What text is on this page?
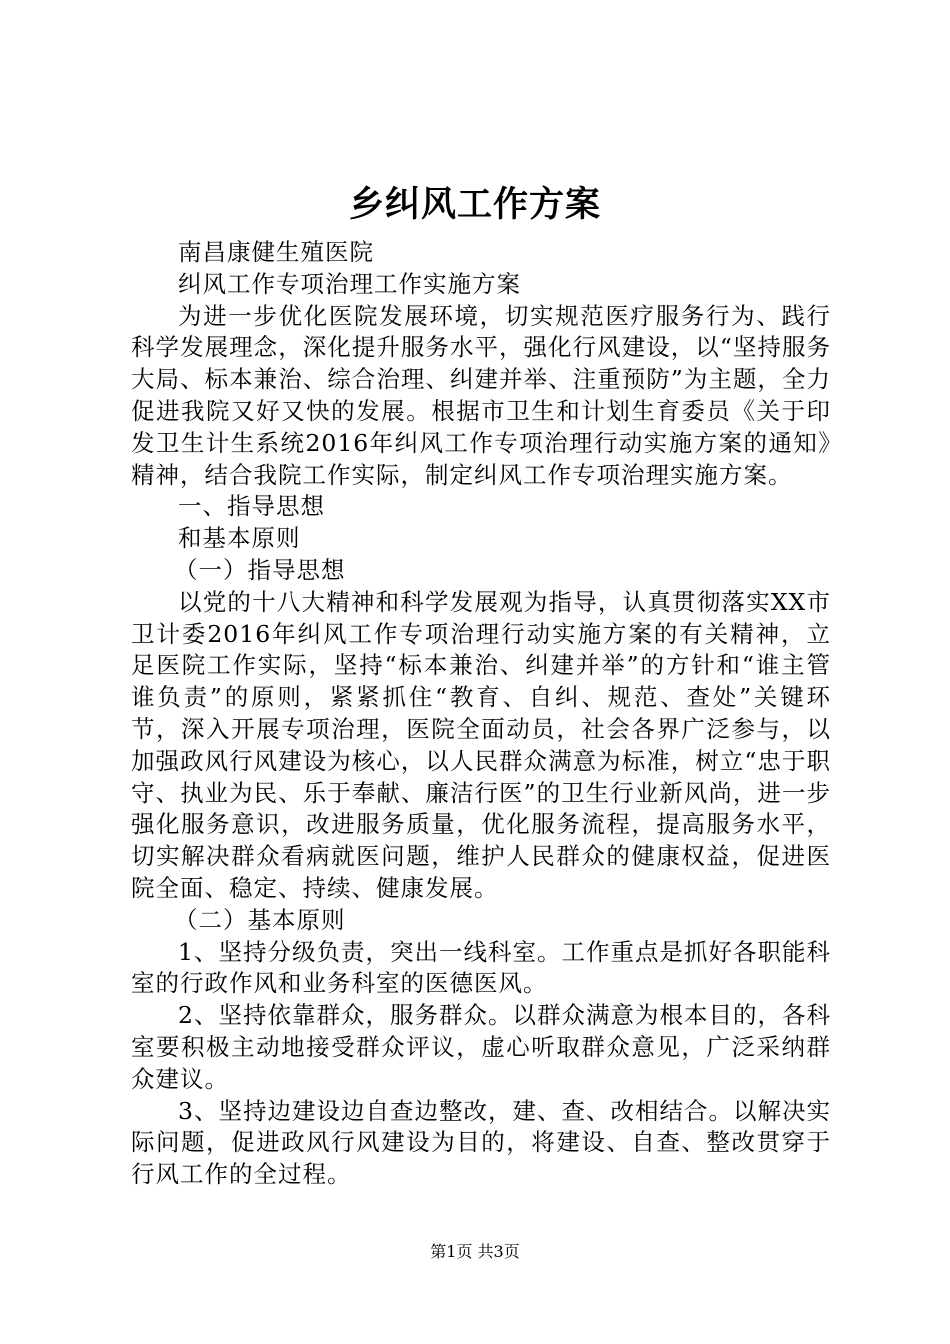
乡纠风工作方案

南昌康健生殖医院

纠风工作专项治理工作实施方案

为进一步优化医院发展环境，切实规范医疗服务行为、践行科学发展理念，深化提升服务水平，强化行风建设，以“坚持服务大局、标本兼治、综合治理、纠建并举、注重预防”为主题，全力促进我院又好又快的发展。根据市卫生和计划生育委员《关于印发卫生计生系统2016年纠风工作专项治理行动实施方案的通知》精神，结合我院工作实际，制定纠风工作专项治理实施方案。

一、指导思想

和基本原则

（一）指导思想

以党的十八大精神和科学发展观为指导，认真贯彻落实XX市卫计委2016年纠风工作专项治理行动实施方案的有关精神，立足医院工作实际，坚持“标本兼治、纠建并举”的方针和“谁主管谁负责”的原则，紧紧抓住“教育、自纠、规范、查处”关键环节，深入开展专项治理，医院全面动员，社会各界广泛参与，以加强政风行风建设为核心，以人民群众满意为标准，树立“忠于职守、执业为民、乐于奉献、廉洁行医”的卫生行业新风尚，进一步强化服务意识，改进服务质量，优化服务流程，提高服务水平，切实解决群众看病就医问题，维护人民群众的健康权益，促进医院全面、稳定、持续、健康发展。

（二）基本原则

1、坚持分级负责，突出一线科室。工作重点是抓好各职能科室的行政作风和业务科室的医德医风。

2、坚持依靠群众，服务群众。以群众满意为根本目的，各科室要积极主动地接受群众评议，虚心听取群众意见，广泛采纳群众建议。

3、坚持边建设边自查边整改，建、查、改相结合。以解决实际问题，促进政风行风建设为目的，将建设、自查、整改贯穿于行风工作的全过程。

第1页 共3页
